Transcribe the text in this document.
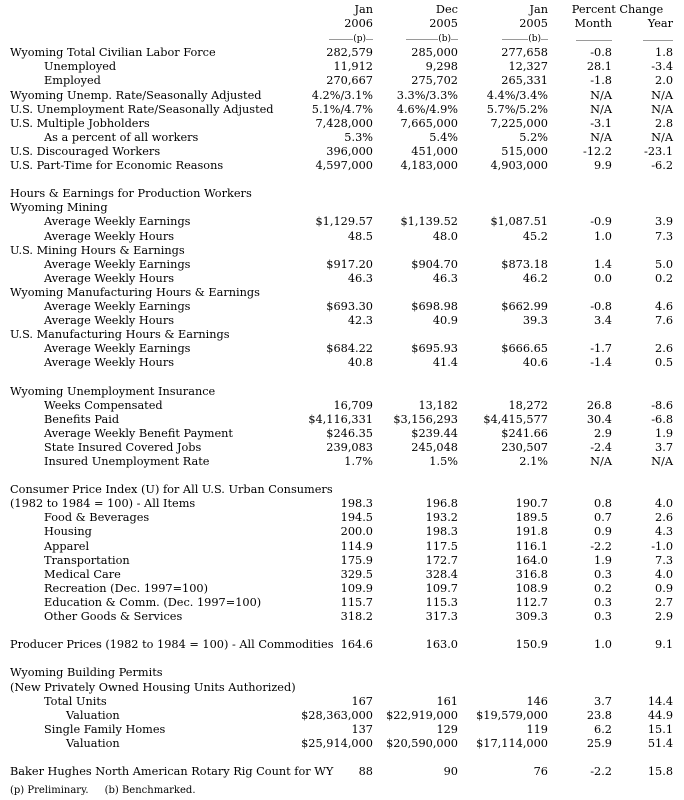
	Jan	Dec	Jan	Percent Change	
	2006	2005	2005	Month	Year
	(p)	(b)	(b)		
Wyoming Total Civilian Labor Force	282,579	285,000	277,658	-0.8	1.8
Unemployed	11,912	9,298	12,327	28.1	-3.4
Employed	270,667	275,702	265,331	-1.8	2.0
Wyoming Unemp. Rate/Seasonally Adjusted	4.2%/3.1%	3.3%/3.3%	4.4%/3.4%	N/A	N/A
U.S. Unemployment Rate/Seasonally Adjusted	5.1%/4.7%	4.6%/4.9%	5.7%/5.2%	N/A	N/A
U.S. Multiple Jobholders	7,428,000	7,665,000	7,225,000	-3.1	2.8
As a percent of all workers	5.3%	5.4%	5.2%	N/A	N/A
U.S. Discouraged Workers	396,000	451,000	515,000	-12.2	-23.1
U.S. Part-Time for Economic Reasons	4,597,000	4,183,000	4,903,000	9.9	-6.2

Hours & Earnings for Production Workers					
Wyoming Mining					
Average Weekly Earnings	$1,129.57	$1,139.52	$1,087.51	-0.9	3.9
Average Weekly Hours	48.5	48.0	45.2	1.0	7.3
U.S. Mining Hours & Earnings					
Average Weekly Earnings	$917.20	$904.70	$873.18	1.4	5.0
Average Weekly Hours	46.3	46.3	46.2	0.0	0.2
Wyoming Manufacturing Hours & Earnings					
Average Weekly Earnings	$693.30	$698.98	$662.99	-0.8	4.6
Average Weekly Hours	42.3	40.9	39.3	3.4	7.6
U.S. Manufacturing Hours & Earnings					
Average Weekly Earnings	$684.22	$695.93	$666.65	-1.7	2.6
Average Weekly Hours	40.8	41.4	40.6	-1.4	0.5

Wyoming Unemployment Insurance					
Weeks Compensated	16,709	13,182	18,272	26.8	-8.6
Benefits Paid	$4,116,331	$3,156,293	$4,415,577	30.4	-6.8
Average Weekly Benefit Payment	$246.35	$239.44	$241.66	2.9	1.9
State Insured Covered Jobs	239,083	245,048	230,507	-2.4	3.7
Insured Unemployment Rate	1.7%	1.5%	2.1%	N/A	N/A

Consumer Price Index (U) for All U.S. Urban Consumers					
(1982 to 1984 = 100) - All Items	198.3	196.8	190.7	0.8	4.0
Food & Beverages	194.5	193.2	189.5	0.7	2.6
Housing	200.0	198.3	191.8	0.9	4.3
Apparel	114.9	117.5	116.1	-2.2	-1.0
Transportation	175.9	172.7	164.0	1.9	7.3
Medical Care	329.5	328.4	316.8	0.3	4.0
Recreation (Dec. 1997=100)	109.9	109.7	108.9	0.2	0.9
Education & Comm. (Dec. 1997=100)	115.7	115.3	112.7	0.3	2.7
Other Goods & Services	318.2	317.3	309.3	0.3	2.9

Producer Prices (1982 to 1984 = 100) - All Commodities	164.6	163.0	150.9	1.0	9.1

Wyoming Building Permits					
(New Privately Owned Housing Units Authorized)					
Total Units	167	161	146	3.7	14.4
Valuation	$28,363,000	$22,919,000	$19,579,000	23.8	44.9
Single Family Homes	137	129	119	6.2	15.1
Valuation	$25,914,000	$20,590,000	$17,114,000	25.9	51.4

Baker Hughes North American Rotary Rig Count for WY	88	90	76	-2.2	15.8
(p) Preliminary. (b) Benchmarked.
